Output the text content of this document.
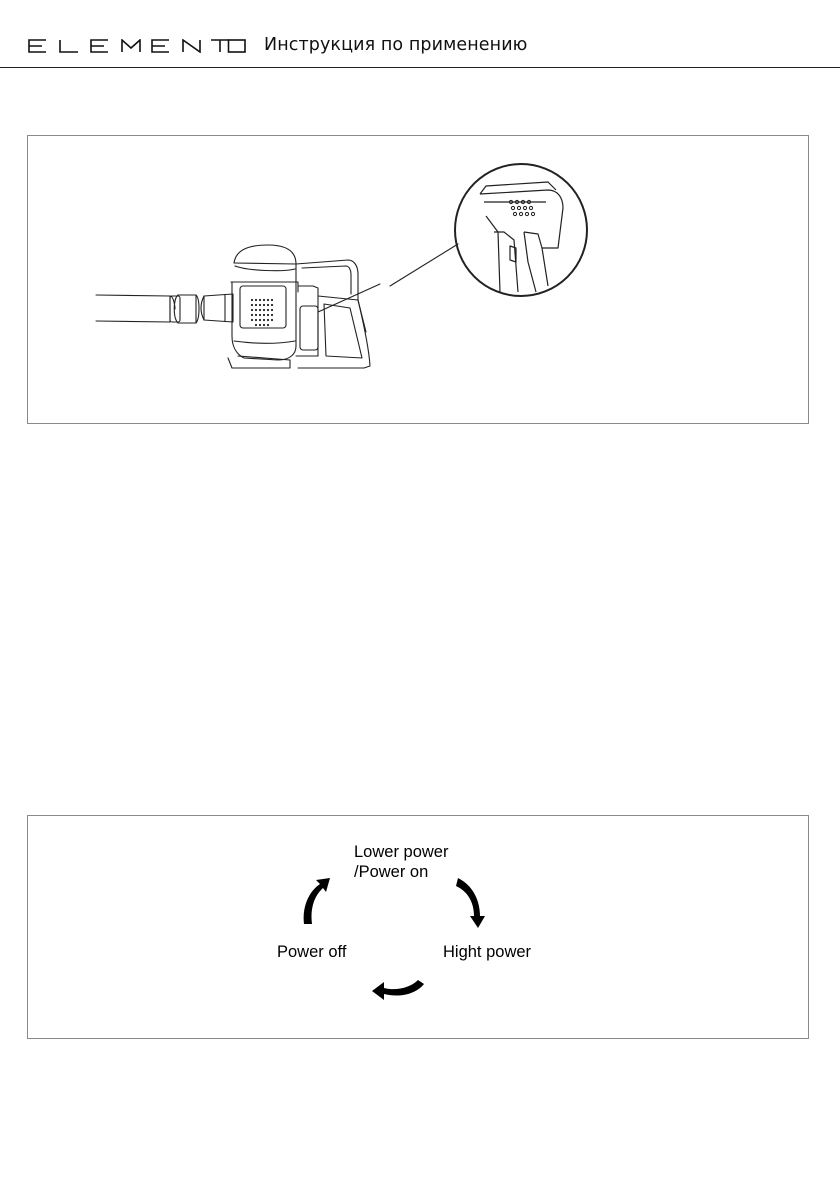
Инструкция по применению
Lower power
/Power on
Hight power
Power off
